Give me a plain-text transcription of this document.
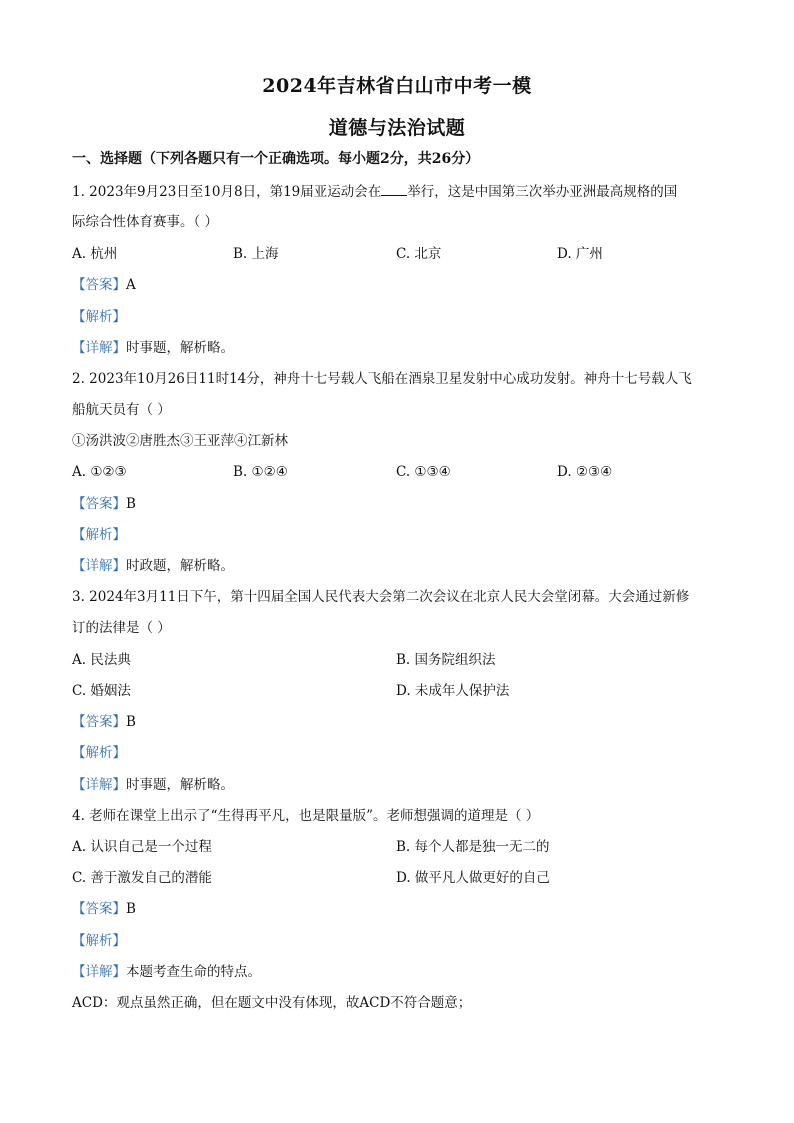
2024年吉林省白山市中考一模
道德与法治试题
一、选择题（下列各题只有一个正确选项。每小题2分，共26分）
1. 2023年9月23日至10月8日，第19届亚运动会在 举行，这是中国第三次举办亚洲最高规格的国
际综合性体育赛事。（ ）
A. 杭州	B. 上海	C. 北京	D. 广州
【答案】A
【解析】
【详解】时事题，解析略。
2. 2023年10月26日11时14分，神舟十七号载人飞船在酒泉卫星发射中心成功发射。神舟十七号载人飞
船航天员有（ ）
①汤洪波②唐胜杰③王亚萍④江新林
A. ①②③	B. ①②④	C. ①③④	D. ②③④
【答案】B
【解析】
【详解】时政题，解析略。
3. 2024年3月11日下午，第十四届全国人民代表大会第二次会议在北京人民大会堂闭幕。大会通过新修
订的法律是（ ）
A. 民法典	B. 国务院组织法
C. 婚姻法	D. 未成年人保护法
【答案】B
【解析】
【详解】时事题，解析略。
4. 老师在课堂上出示了“生得再平凡，也是限量版”。老师想强调的道理是（ ）
A. 认识自己是一个过程	B. 每个人都是独一无二的
C. 善于激发自己的潜能	D. 做平凡人做更好的自己
【答案】B
【解析】
【详解】本题考查生命的特点。
ACD：观点虽然正确，但在题文中没有体现，故ACD不符合题意；
